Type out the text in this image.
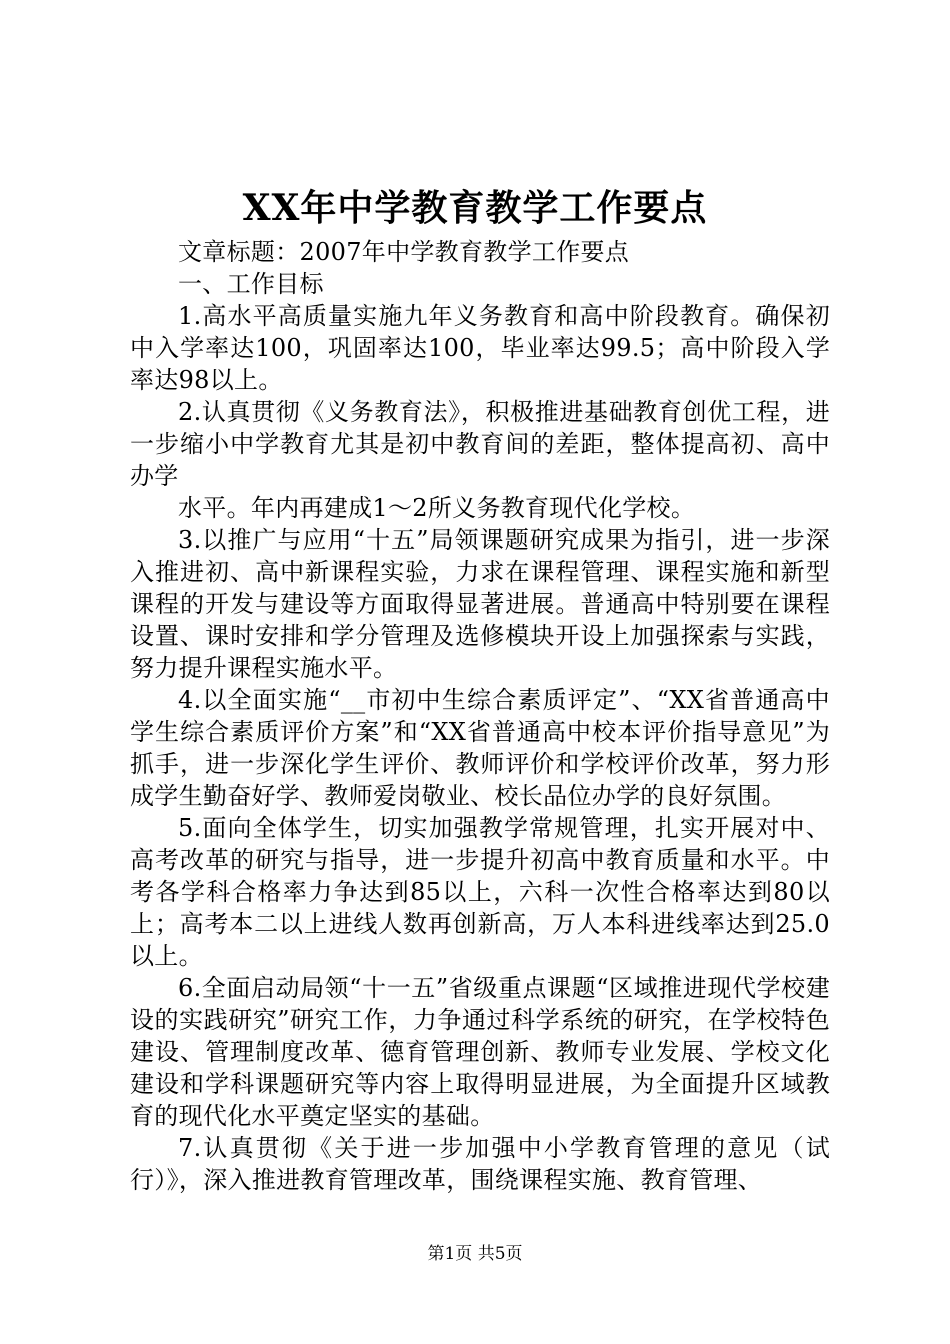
XX年中学教育教学工作要点

文章标题：2007年中学教育教学工作要点

一、工作目标

1.高水平高质量实施九年义务教育和高中阶段教育。确保初中入学率达100，巩固率达100，毕业率达99.5；高中阶段入学率达98以上。

2.认真贯彻《义务教育法》，积极推进基础教育创优工程，进一步缩小中学教育尤其是初中教育间的差距，整体提高初、高中办学

水平。年内再建成1～2所义务教育现代化学校。

3.以推广与应用“十五”局领课题研究成果为指引，进一步深入推进初、高中新课程实验，力求在课程管理、课程实施和新型课程的开发与建设等方面取得显著进展。普通高中特别要在课程设置、课时安排和学分管理及选修模块开设上加强探索与实践，努力提升课程实施水平。

4.以全面实施“__市初中生综合素质评定”、“XX省普通高中学生综合素质评价方案”和“XX省普通高中校本评价指导意见”为抓手，进一步深化学生评价、教师评价和学校评价改革，努力形成学生勤奋好学、教师爱岗敬业、校长品位办学的良好氛围。

5.面向全体学生，切实加强教学常规管理，扎实开展对中、高考改革的研究与指导，进一步提升初高中教育质量和水平。中考各学科合格率力争达到85以上，六科一次性合格率达到80以上；高考本二以上进线人数再创新高，万人本科进线率达到25.0以上。

6.全面启动局领“十一五”省级重点课题“区域推进现代学校建设的实践研究”研究工作，力争通过科学系统的研究，在学校特色建设、管理制度改革、德育管理创新、教师专业发展、学校文化建设和学科课题研究等内容上取得明显进展，为全面提升区域教育的现代化水平奠定坚实的基础。

7.认真贯彻《关于进一步加强中小学教育管理的意见（试行）》，深入推进教育管理改革，围绕课程实施、教育管理、

第1页 共5页
